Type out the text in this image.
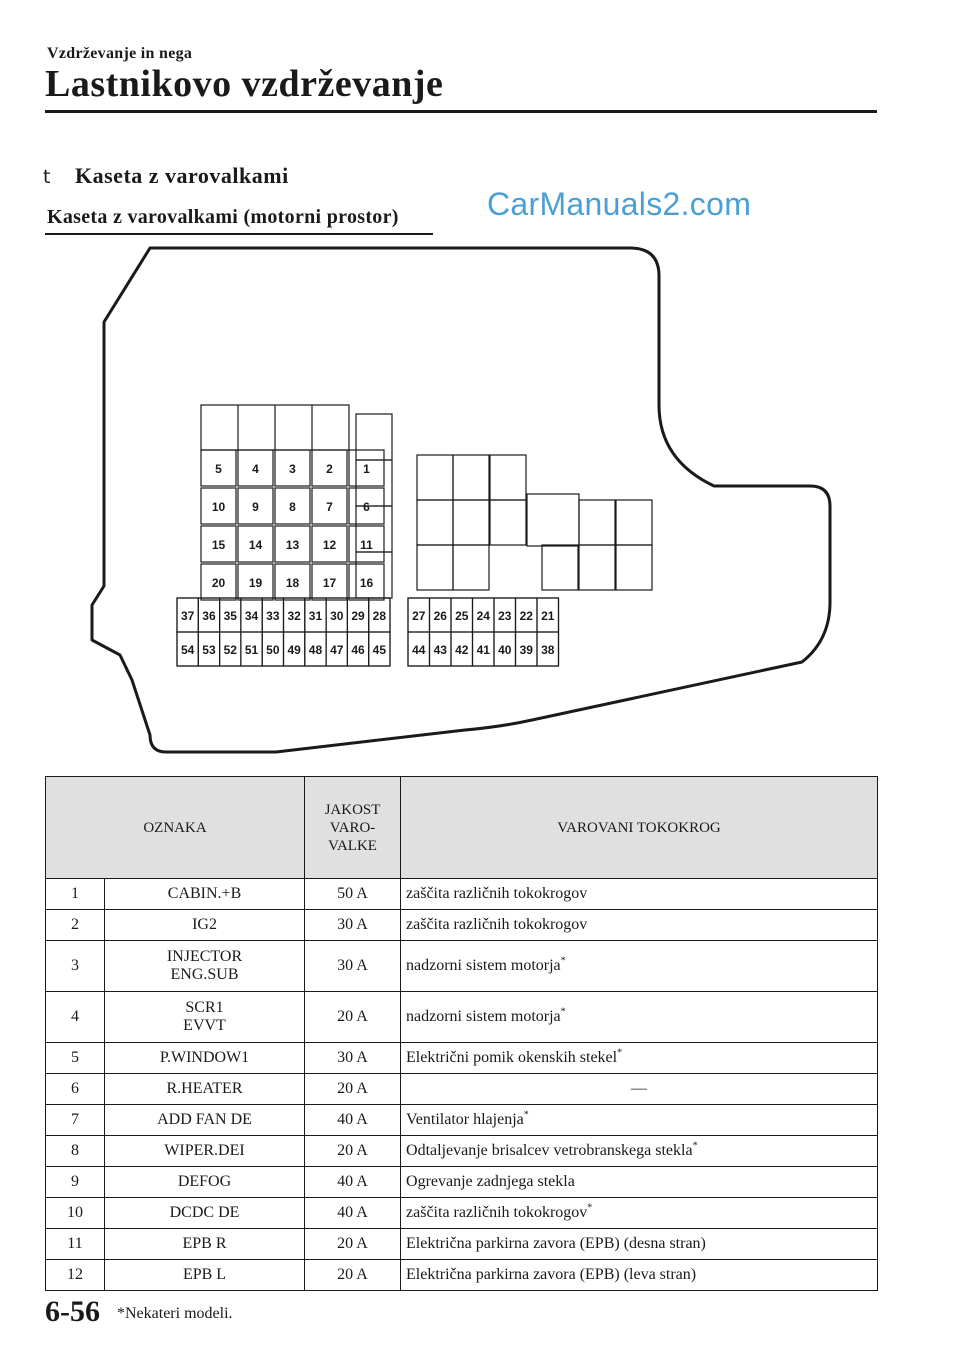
Vzdrževanje in nega
Lastnikovo vzdrževanje
t Kaseta z varovalkami
Kaseta z varovalkami (motorni prostor)	CarManuals2.com
5	4	3	2	1
10 9	8	7	6
15 14 13 12 11
20 19 18 17 16
37 36 35 34 33 32 31 30 29 28
54 53 52 51 50 49 48 47 46 45
27 26 25 24 23 22 21
44 43 42 41 40 39 38
OZNAKA		JAKOST
VARO-
VALKE	VAROVANI TOKOKROG
1	CABIN.+B	50 A	zaščita različnih tokokrogov
2	IG2	30 A	zaščita različnih tokokrogov
3	INJECTOR
ENG.SUB	30 A	nadzorni sistem motorja*
4	SCR1
EVVT	20 A	nadzorni sistem motorja*
5	P.WINDOW1	30 A	Električni pomik okenskih stekel*
6	R.HEATER	20 A	—
7	ADD FAN DE	40 A	Ventilator hlajenja*
8	WIPER.DEI	20 A	Odtaljevanje brisalcev vetrobranskega stekla*
9	DEFOG	40 A	Ogrevanje zadnjega stekla
10	DCDC DE	40 A	zaščita različnih tokokrogov*
11	EPB R	20 A	Električna parkirna zavora (EPB) (desna stran)
12	EPB L	20 A	Električna parkirna zavora (EPB) (leva stran)
6-56 *Nekateri modeli.
